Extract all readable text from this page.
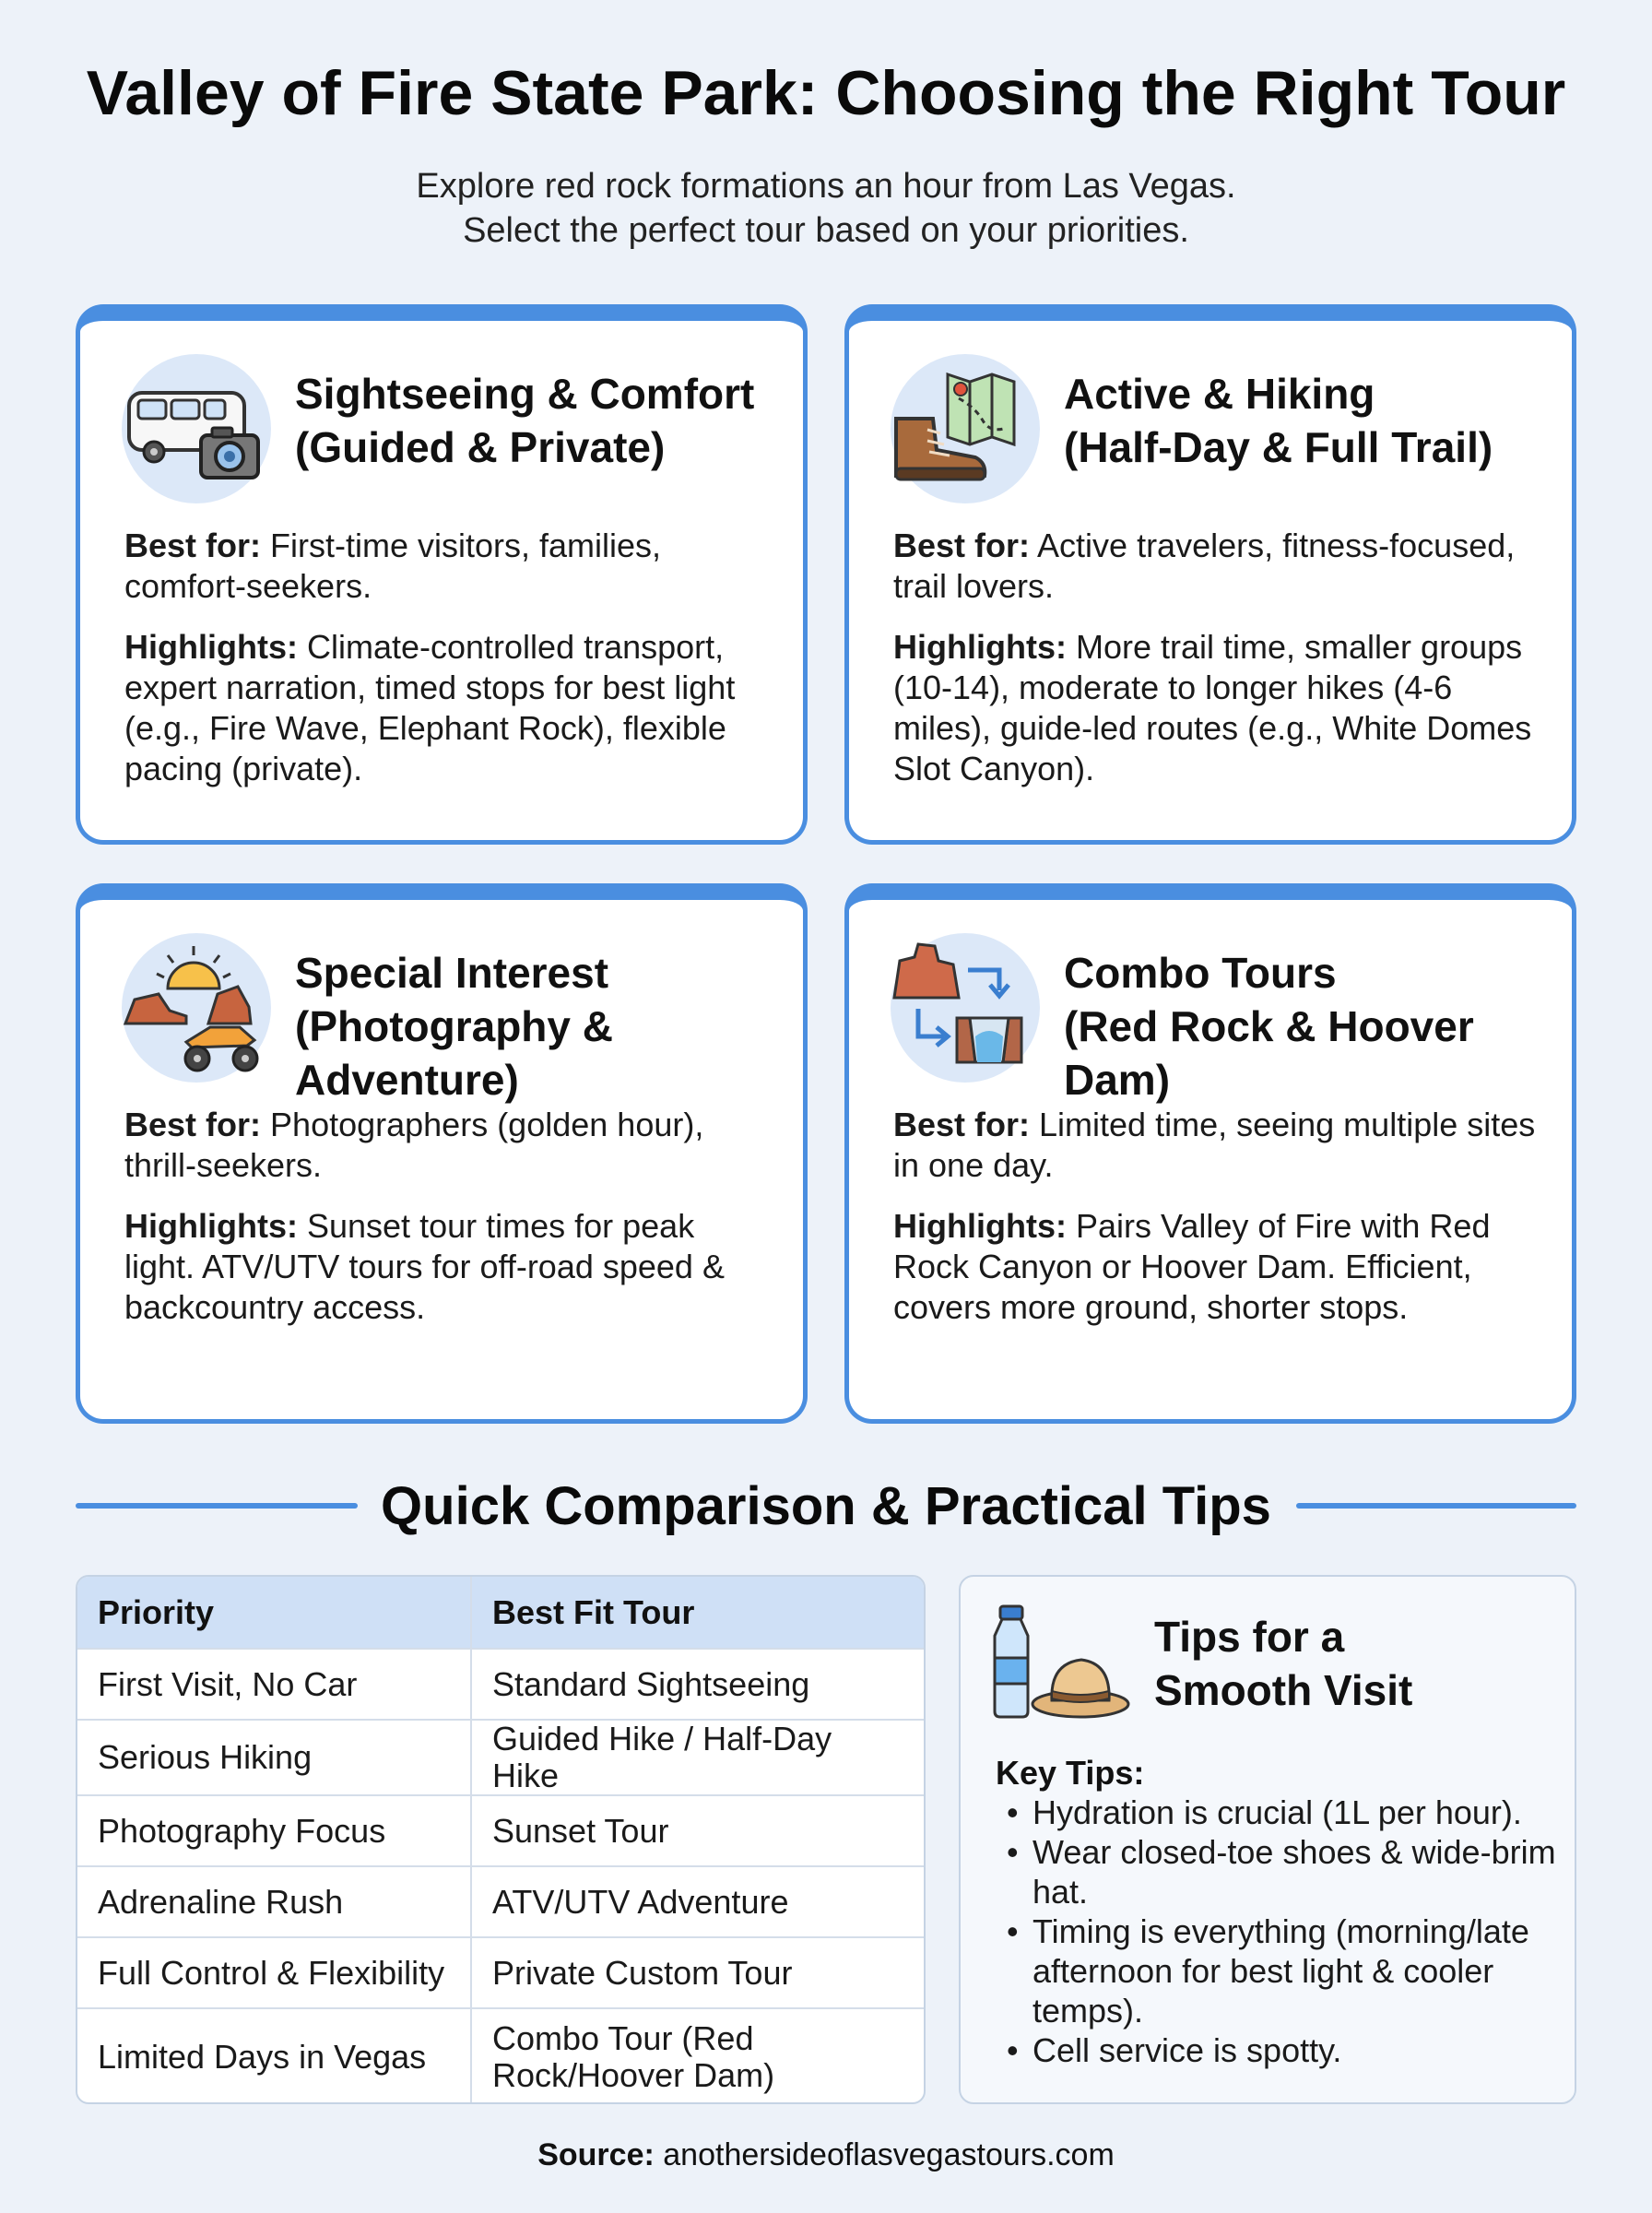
Valley of Fire State Park: Choosing the Right Tour
Explore red rock formations an hour from Las Vegas.
Select the perfect tour based on your priorities.
Sightseeing & Comfort
(Guided & Private)

Best for: First-time visitors, families, comfort-seekers.

Highlights: Climate-controlled transport, expert narration, timed stops for best light (e.g., Fire Wave, Elephant Rock), flexible pacing (private).

Active & Hiking
(Half-Day & Full Trail)

Best for: Active travelers, fitness-focused, trail lovers.

Highlights: More trail time, smaller groups (10-14), moderate to longer hikes (4-6 miles), guide-led routes (e.g., White Domes Slot Canyon).

Special Interest
(Photography & Adventure)

Best for: Photographers (golden hour), thrill-seekers.

Highlights: Sunset tour times for peak light. ATV/UTV tours for off-road speed & backcountry access.

Combo Tours
(Red Rock & Hoover Dam)

Best for: Limited time, seeing multiple sites in one day.

Highlights: Pairs Valley of Fire with Red Rock Canyon or Hoover Dam. Efficient, covers more ground, shorter stops.

Quick Comparison & Practical Tips
Priority	Best Fit Tour
First Visit, No Car	Standard Sightseeing
Serious Hiking	Guided Hike / Half-Day Hike
Photography Focus	Sunset Tour
Adrenaline Rush	ATV/UTV Adventure
Full Control & Flexibility	Private Custom Tour
Limited Days in Vegas	Combo Tour (Red Rock/Hoover Dam)
Tips for a Smooth Visit
Key Tips:
• Hydration is crucial (1L per hour).
• Wear closed-toe shoes & wide-brim hat.
• Timing is everything (morning/late afternoon for best light & cooler temps).
• Cell service is spotty.
Source: anothersideoflasvegastours.com
